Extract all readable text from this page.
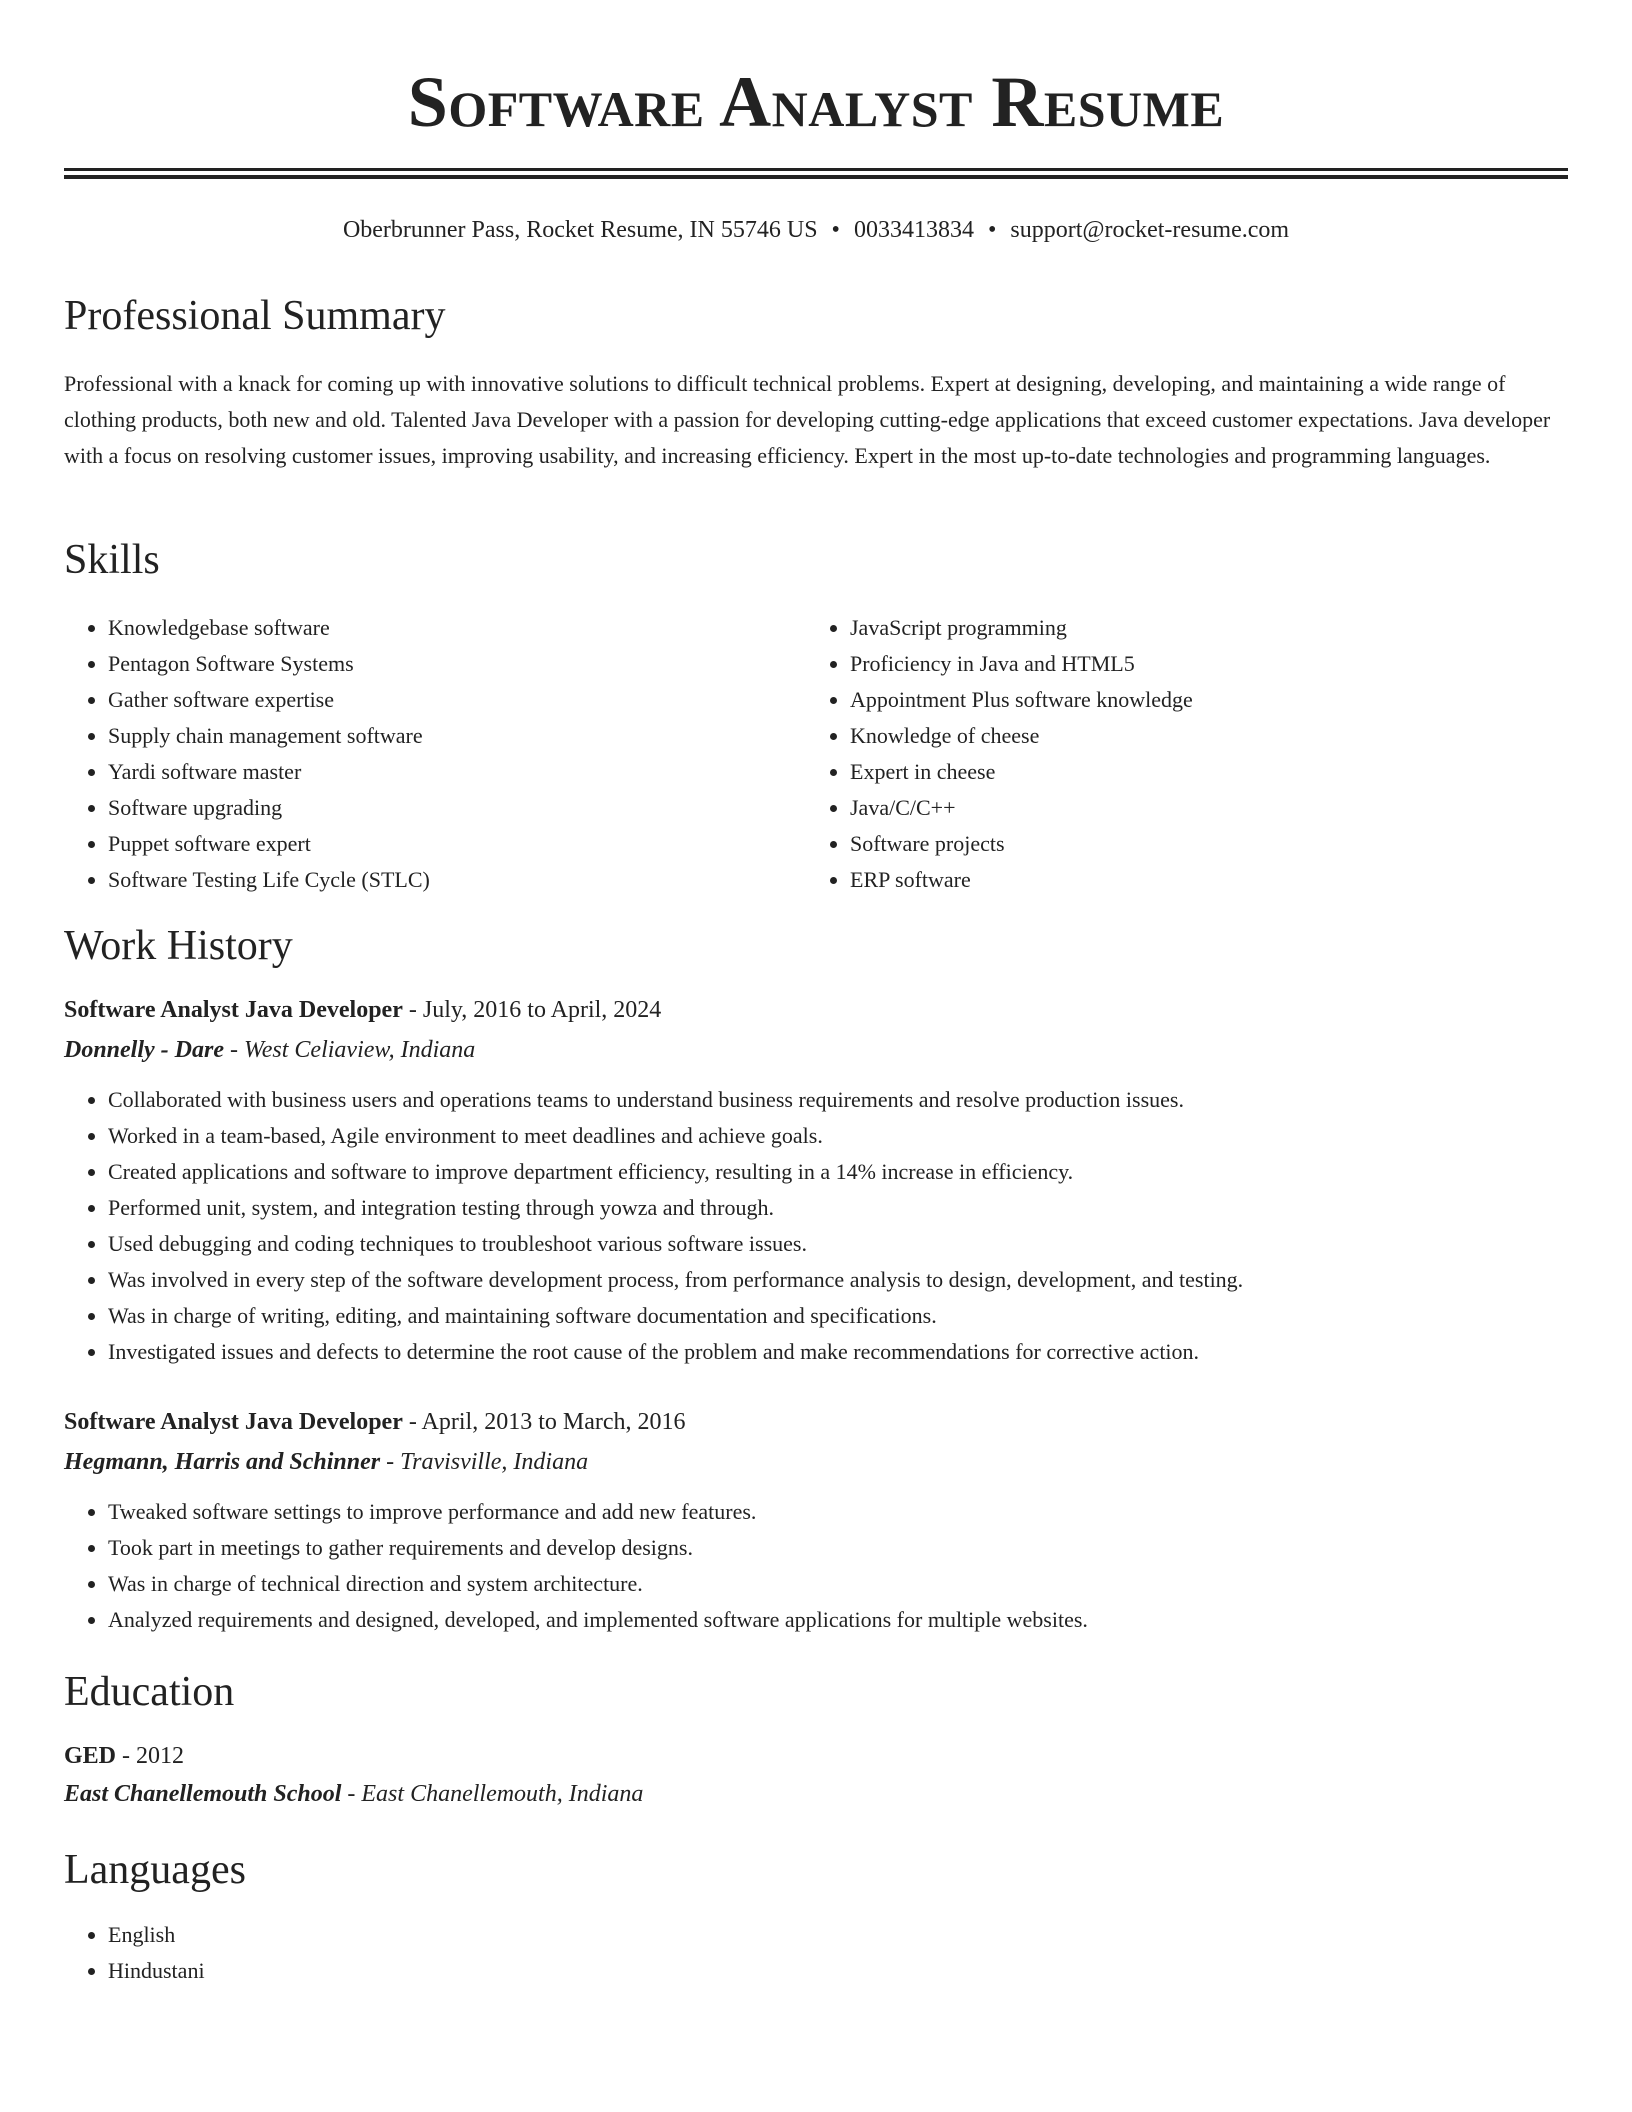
Software Analyst Resume
Oberbrunner Pass, Rocket Resume, IN 55746 US • 0033413834 • support@rocket-resume.com
Professional Summary

Professional with a knack for coming up with innovative solutions to difficult technical problems. Expert at designing, developing, and maintaining a wide range of clothing products, both new and old. Talented Java Developer with a passion for developing cutting-edge applications that exceed customer expectations. Java developer with a focus on resolving customer issues, improving usability, and increasing efficiency. Expert in the most up-to-date technologies and programming languages.

Skills
• Knowledgebase software
• Pentagon Software Systems
• Gather software expertise
• Supply chain management software
• Yardi software master
• Software upgrading
• Puppet software expert
• Software Testing Life Cycle (STLC)
• JavaScript programming
• Proficiency in Java and HTML5
• Appointment Plus software knowledge
• Knowledge of cheese
• Expert in cheese
• Java/C/C++
• Software projects
• ERP software
Work History
Software Analyst Java Developer - July, 2016 to April, 2024
Donnelly - Dare - West Celiaview, Indiana
• Collaborated with business users and operations teams to understand business requirements and resolve production issues.
• Worked in a team-based, Agile environment to meet deadlines and achieve goals.
• Created applications and software to improve department efficiency, resulting in a 14% increase in efficiency.
• Performed unit, system, and integration testing through yowza and through.
• Used debugging and coding techniques to troubleshoot various software issues.
• Was involved in every step of the software development process, from performance analysis to design, development, and testing.
• Was in charge of writing, editing, and maintaining software documentation and specifications.
• Investigated issues and defects to determine the root cause of the problem and make recommendations for corrective action.
Software Analyst Java Developer - April, 2013 to March, 2016
Hegmann, Harris and Schinner - Travisville, Indiana
• Tweaked software settings to improve performance and add new features.
• Took part in meetings to gather requirements and develop designs.
• Was in charge of technical direction and system architecture.
• Analyzed requirements and designed, developed, and implemented software applications for multiple websites.
Education
GED - 2012
East Chanellemouth School - East Chanellemouth, Indiana
Languages
• English
• Hindustani
